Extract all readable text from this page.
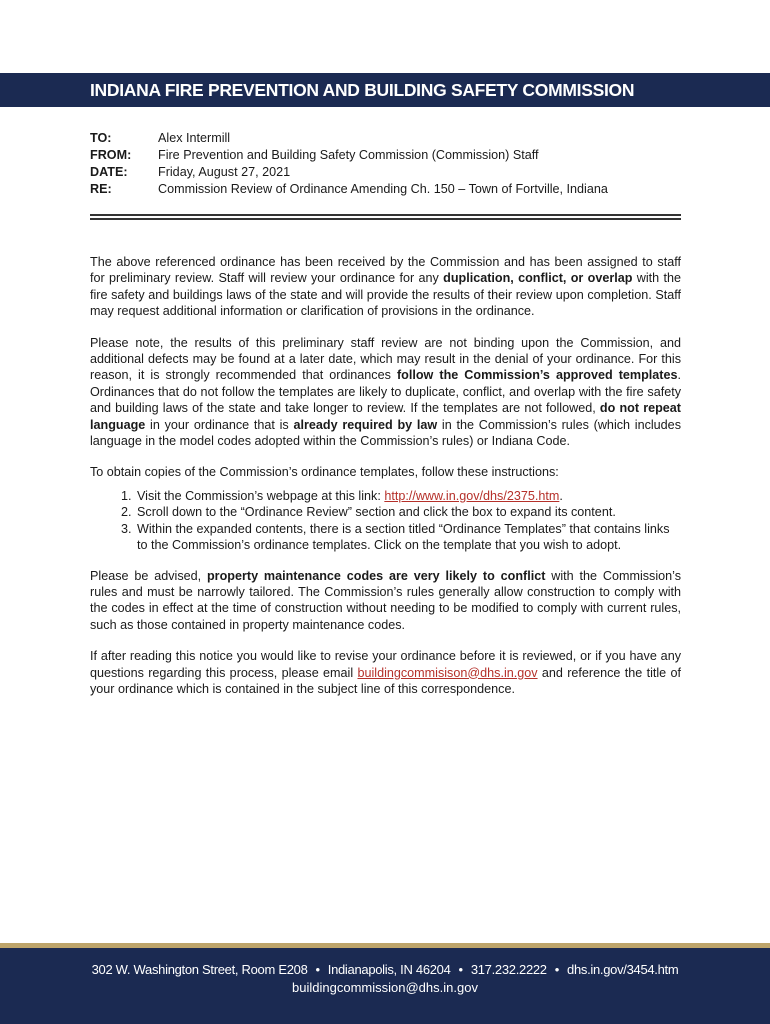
INDIANA FIRE PREVENTION AND BUILDING SAFETY COMMISSION
TO:	Alex Intermill
FROM:	Fire Prevention and Building Safety Commission (Commission) Staff
DATE:	Friday, August 27, 2021
RE:	Commission Review of Ordinance Amending Ch. 150 – Town of Fortville, Indiana

The above referenced ordinance has been received by the Commission and has been assigned to staff for preliminary review. Staff will review your ordinance for any duplication, conflict, or overlap with the fire safety and buildings laws of the state and will provide the results of their review upon completion. Staff may request additional information or clarification of provisions in the ordinance.

Please note, the results of this preliminary staff review are not binding upon the Commission, and additional defects may be found at a later date, which may result in the denial of your ordinance. For this reason, it is strongly recommended that ordinances follow the Commission’s approved templates. Ordinances that do not follow the templates are likely to duplicate, conflict, and overlap with the fire safety and building laws of the state and take longer to review. If the templates are not followed, do not repeat language in your ordinance that is already required by law in the Commission’s rules (which includes language in the model codes adopted within the Commission’s rules) or Indiana Code.

To obtain copies of the Commission’s ordinance templates, follow these instructions:

1. Visit the Commission’s webpage at this link: http://www.in.gov/dhs/2375.htm.
2. Scroll down to the “Ordinance Review” section and click the box to expand its content.
3. Within the expanded contents, there is a section titled “Ordinance Templates” that contains links to the Commission’s ordinance templates. Click on the template that you wish to adopt.

Please be advised, property maintenance codes are very likely to conflict with the Commission’s rules and must be narrowly tailored. The Commission’s rules generally allow construction to comply with the codes in effect at the time of construction without needing to be modified to comply with current rules, such as those contained in property maintenance codes.

If after reading this notice you would like to revise your ordinance before it is reviewed, or if you have any questions regarding this process, please email buildingcommisison@dhs.in.gov and reference the title of your ordinance which is contained in the subject line of this correspondence.

302 W. Washington Street, Room E208 • Indianapolis, IN 46204 • 317.232.2222 • dhs.in.gov/3454.htm
buildingcommission@dhs.in.gov
